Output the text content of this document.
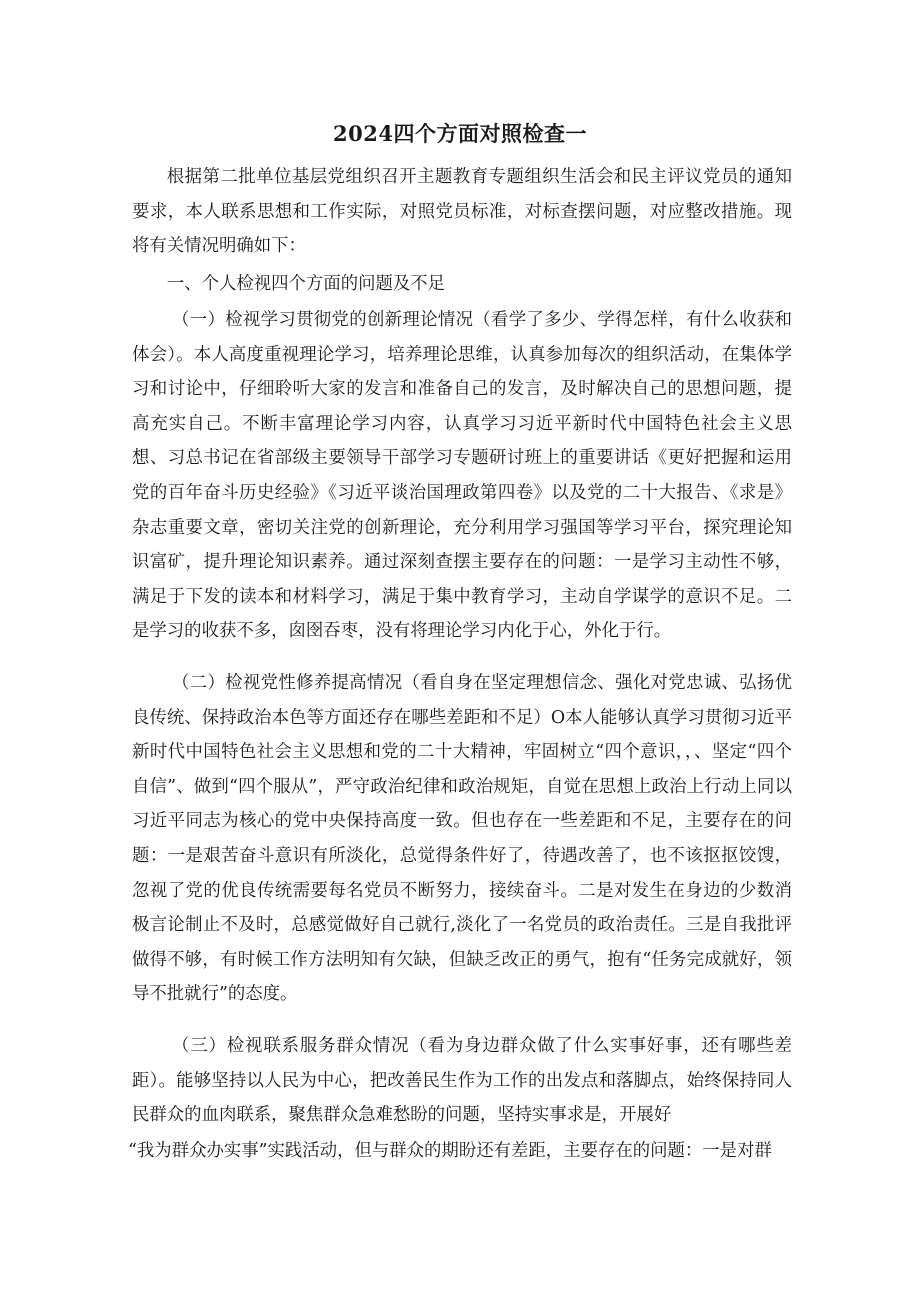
2024四个方面对照检查一

根据第二批单位基层党组织召开主题教育专题组织生活会和民主评议党员的通知要求，本人联系思想和工作实际，对照党员标准，对标查摆问题，对应整改措施。现将有关情况明确如下：

一、个人检视四个方面的问题及不足

（一）检视学习贯彻党的创新理论情况（看学了多少、学得怎样，有什么收获和体会）。本人高度重视理论学习，培养理论思维，认真参加每次的组织活动，在集体学习和讨论中，仔细聆听大家的发言和准备自己的发言，及时解决自己的思想问题，提高充实自己。不断丰富理论学习内容，认真学习习近平新时代中国特色社会主义思想、习总书记在省部级主要领导干部学习专题研讨班上的重要讲话《更好把握和运用党的百年奋斗历史经验》《习近平谈治国理政第四卷》以及党的二十大报告、《求是》杂志重要文章，密切关注党的创新理论，充分利用学习强国等学习平台，探究理论知识富矿，提升理论知识素养。通过深刻查摆主要存在的问题：一是学习主动性不够，满足于下发的读本和材料学习，满足于集中教育学习，主动自学谋学的意识不足。二是学习的收获不多，囱囹吞枣，没有将理论学习内化于心，外化于行。

（二）检视党性修养提高情况（看自身在坚定理想信念、强化对党忠诚、弘扬优良传统、保持政治本色等方面还存在哪些差距和不足）O本人能够认真学习贯彻习近平新时代中国特色社会主义思想和党的二十大精神，牢固树立“四个意识，，、坚定“四个自信”、做到“四个服从”，严守政治纪律和政治规矩，自觉在思想上政治上行动上同以习近平同志为核心的党中央保持高度一致。但也存在一些差距和不足，主要存在的问题：一是艰苦奋斗意识有所淡化，总觉得条件好了，待遇改善了，也不该抠抠饺馊，忽视了党的优良传统需要每名党员不断努力，接续奋斗。二是对发生在身边的少数消极言论制止不及时，总感觉做好自己就行,淡化了一名党员的政治责任。三是自我批评做得不够，有时候工作方法明知有欠缺，但缺乏改正的勇气，抱有“任务完成就好，领导不批就行”的态度。

（三）检视联系服务群众情况（看为身边群众做了什么实事好事，还有哪些差距）。能够坚持以人民为中心，把改善民生作为工作的出发点和落脚点，始终保持同人民群众的血肉联系，聚焦群众急难愁盼的问题，坚持实事求是，开展好

“我为群众办实事”实践活动，但与群众的期盼还有差距，主要存在的问题：一是对群
